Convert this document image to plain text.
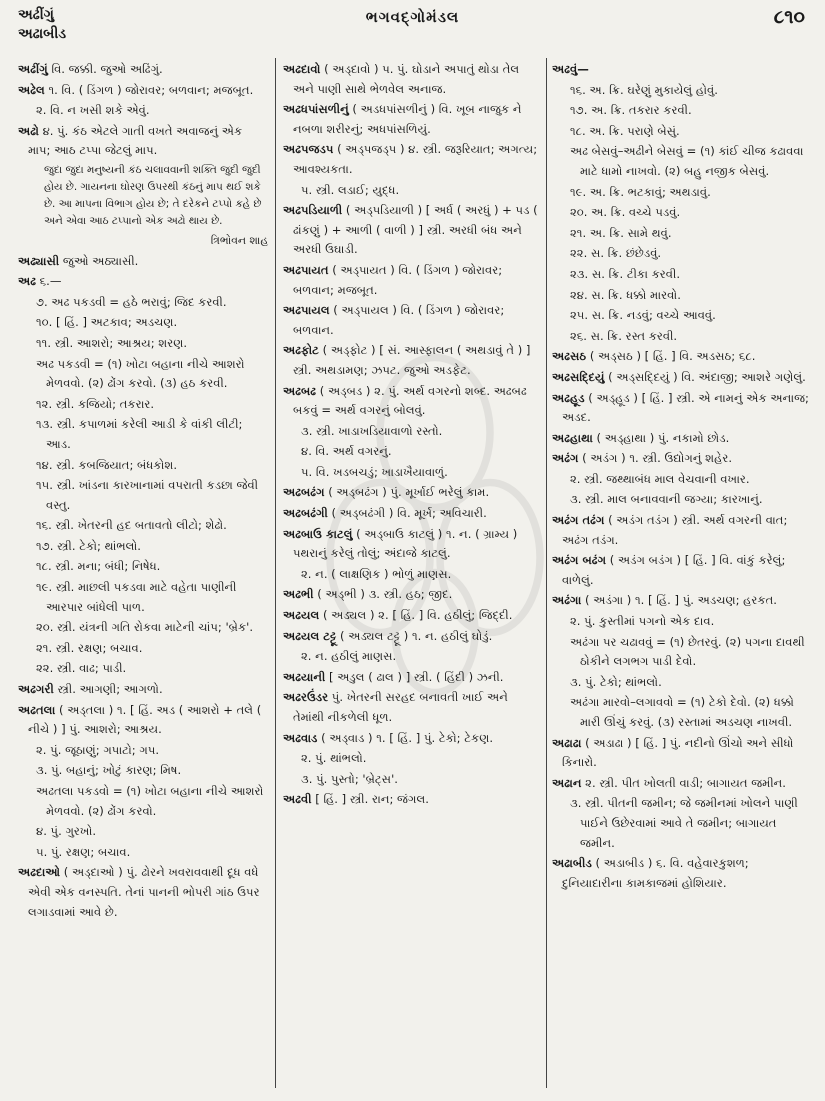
અઢીંગું
અઢાબીડ
ભગવદ્ગોમંડલ	૮૧૦
અઢીંગું વિ. જક્કી. જુઓ અઢિંગું.
અઢેલ ૧. વિ. ( ડિંગળ ) જોરાવર; બળવાન; મજબૂત.
૨. વિ. ન ખસી શકે એવું.
અઢો ૪. પું. કંઠ એટલે ગાતી વખતે અવાજનું એક માપ; આઠ ટપ્પા જેટલું માપ.
જુદા જુદા મનુષ્યની કંઠ ચલાવવાની શક્તિ જુદી જુદી હોય છે. ગાયનના ઘોરણ ઉપરથી કંઠનું માપ થઈ શકે છે. આ માપના વિભાગ હોય છે; તે દરેકને ટપ્પો કહે છે અને એવા આઠ ટપ્પાનો એક અઢો થાય છે.
ત્રિભોવન શાહ
અઢ્યાસી જુઓ અઠ્યાસી.
અઢ ૬.—
૭. અઢ પકડવી = હઠે ભરાવું; જિદ કરવી.
૧૦. [ હિં. ] અટકાવ; અડચણ.
૧૧. સ્ત્રી. આશરો; આશ્રય; શરણ.
અઢ પકડવી = (૧) ખોટા બહાના નીચે આશરો મેળવવો. (૨) ઢોંગ કરવો. (૩) હઠ કરવી.
૧૨. સ્ત્રી. કજિયો; તકરાર.
૧૩. સ્ત્રી. કપાળમાં કરેલી આડી કે વાંકી લીટી; આડ.
૧૪. સ્ત્રી. કબજિયાત; બંધકોશ.
૧૫. સ્ત્રી. ખાંડના કારખાનામાં વપરાતી કડછા જેવી વસ્તુ.
૧૬. સ્ત્રી. ખેતરની હદ બતાવતો લીટો; શેઢો.
૧૭. સ્ત્રી. ટેકો; થાંભલો.
૧૮. સ્ત્રી. મના; બંધી; નિષેધ.
૧૯. સ્ત્રી. માછલી પકડવા માટે વહેતા પાણીની આરપાર બાંધેલી પાળ.
૨૦. સ્ત્રી. યંત્રની ગતિ રોકવા માટેની ચાંપ; 'બ્રેક'.
૨૧. સ્ત્રી. રક્ષણ; બચાવ.
૨૨. સ્ત્રી. વાઢ; પાડી.
અઢગરી સ્ત્રી. આગણી; આગળો.
અઢતલા ( અડ્તલા ) ૧. [ હિં. અડ ( આશરો + તલે ( નીચે ) ] પું. આશરો; આશ્રય.
૨. પું. જૂઠાણું; ગપાટો; ગપ.
૩. પું. બહાનું; ખોટું કારણ; મિષ.
અઢતલા પકડવો = (૧) ખોટા બહાના નીચે આશરો મેળવવો. (૨) ઢોંગ કરવો.
૪. પું. ગુરખો.
૫. પું. રક્ષણ; બચાવ.
અઢદાઓ ( અડ્દાઓ ) પું. ઢોરને ખવરાવવાથી દૂધ વધે એવી એક વનસ્પતિ. તેનાં પાનની ભોપરી ગાંઠ ઉપર લગાડવામાં આવે છે.
અઢદાવો ( અડ્દાવો ) પ. પું. ઘોડાને અપાતું થોડા તેલ અને પાણી સાથે ભેળવેલ અનાજ.
અઢધપાંસળીનું ( અડધપાંસળીનું ) વિ. ખૂબ નાજુક ને નબળા શરીરનું; અધપાંસળિયું.
અઢપજડપ ( અડ્પજડ્પ ) ૪. સ્ત્રી. જરૂરિયાત; અગત્ય; આવશ્યકતા.
પ. સ્ત્રી. લડાઈ; યુદ્ધ.
અઢપડિયાળી ( અડ્પડિયાળી ) [ અર્ધ ( અરધું ) + પડ ( ઢાંકણું ) + આળી ( વાળી ) ] સ્ત્રી. અરધી બંધ અને અરધી ઉઘાડી.
અઢપાયત ( અડ્પાયત ) વિ. ( ડિંગળ ) જોરાવર; બળવાન; મજબૂત.
અઢપાયલ ( અડ્પાયલ ) વિ. ( ડિંગળ ) જોરાવર; બળવાન.
અઢફોટ ( અડ્ફોટ ) [ સં. આસ્ફાલન ( અથડાવું તે ) ] સ્ત્રી. અથડામણ; ઝપટ. જુઓ અડફેટ.
અઢબઢ ( અડ્બડ ) ૨. પું. અર્થ વગરનો શબ્દ. અઢબઢ બકવું = અર્થ વગરનું બોલવું.
૩. સ્ત્રી. ખાડાખડિયાવાળો રસ્તો.
૪. વિ. અર્થ વગરનું.
પ. વિ. ખડબચડું; ખાડાખૈયાવાળું.
અઢબઢંગ ( અડ્બઢંગ ) પું. મૂર્ખાઈ ભરેલું કામ.
અઢબઢંગી ( અડ્બઢંગી ) વિ. મૂર્ખ; અવિચારી.
અઢબાઉ કાટલું ( અડ્બાઉ કાટલું ) ૧. ન. ( ગ્રામ્ય ) પથરાનું કરેલું તોલું; અંદાજે કાટલું.
૨. ન. ( લાક્ષણિક ) ભોળું માણસ.
અઢભી ( અડ્ભી ) ૩. સ્ત્રી. હઠ; જીદ.
અઢયલ ( અડ્યલ ) ૨. [ હિં. ] વિ. હઠીલું; જિદ્દી.
અઢયલ ટટ્ટૂ ( અડ્યલ ટટ્ટૂ ) ૧. ન. હઠીલું ઘોડું.
૨. ન. હઠીલું માણસ.
અઢયાની [ અડુલ ( ઢાલ ) ] સ્ત્રી. ( હિંદી ) ઝની.
અઢરઉંડર પું. ખેતરની સરહદ બનાવતી ખાઈ અને તેમાંથી નીકળેલી ધૂળ.
અઢવાડ ( અડ્વાડ ) ૧. [ હિં. ] પું. ટેકો; ટેકણ.
૨. પું. થાંભલો.
૩. પું. પુસ્તો; 'બ્રેટ્સ'.
અઢવી [ હિં. ] સ્ત્રી. રાન; જંગલ.
અઢવું—
૧૬. અ. ક્રિ. ઘરેણું મુકાયેલું હોવું.
૧૭. અ. ક્રિ. તકરાર કરવી.
૧૮. અ. ક્રિ. પરાણે બેસું.
અઢ બેસવું–અઢીને બેસવું = (૧) કાંઈ ચીજ કઢાવવા માટે ધામો નાખવો. (૨) બહુ નજીક બેસવું.
૧૯. અ. ક્રિ. ભટકાવું; અથડાવું.
૨૦. અ. ક્રિ. વચ્ચે પડવું.
૨૧. અ. ક્રિ. સામે થવું.
૨૨. સ. ક્રિ. છંછેડવું.
૨૩. સ. ક્રિ. ટીકા કરવી.
૨૪. સ. ક્રિ. ધક્કો મારવો.
૨૫. સ. ક્રિ. નડવું; વચ્ચે આવવું.
૨૬. સ. ક્રિ. રસ્ત કરવી.
અઢસઠ ( અડ્સઠ ) [ હિં. ] વિ. અડસઠ; ૬૮.
અઢસદ્દિયું ( અડ્સદ્દિયું ) વિ. અંદાજી; આશરે ગણેલું.
અઢહૂડ ( અડ્હૂડ ) [ હિં. ] સ્ત્રી. એ નામનું એક અનાજ; અડદ.
અઢહાથા ( અડ્હાથા ) પું. નકામો છોડ.
અઢંગ ( અડંગ ) ૧. સ્ત્રી. ઉદ્યોગનું શહેર.
૨. સ્ત્રી. જથ્થાબંધ માલ વેચવાની વખાર.
૩. સ્ત્રી. માલ બનાવવાની જગ્યા; કારખાનું.
અઢંગ તઢંગ ( અડંગ તડંગ ) સ્ત્રી. અર્થ વગરની વાત; અઢંગ તડંગ.
અઢંગ બઢંગ ( અડંગ બડંગ ) [ હિં. ] વિ. વાંકું કરેલું; વાળેલું.
અઢંગા ( અડંગા ) ૧. [ હિં. ] પું. અડચણ; હરકત.
૨. પું. કુસ્તીમાં પગનો એક દાવ.
અઢંગા પર ચઢાવવું = (૧) છેતરવું. (૨) પગના દાવથી ઠોકીને લગભગ પાડી દેવો.
૩. પું. ટેકો; થાંભલો.
અઢંગા મારવો–લગાવવો = (૧) ટેકો દેવો. (૨) ધક્કો મારી ઊંચું કરવું. (૩) રસ્તામાં અડચણ નાખવી.
અઢાઢા ( અડાઢા ) [ હિં. ] પું. નદીનો ઊંચો અને સીધો કિનારો.
અઢાન ૨. સ્ત્રી. પીત ખોલતી વાડી; બાગાયત જમીન.
૩. સ્ત્રી. પીતની જમીન; જે જમીનમાં ખોલને પાણી પાઈને ઉછેરવામાં આવે તે જમીન; બાગાયત જમીન.
અઢાબીડ ( અડાબીડ ) ૬. વિ. વહેવારકુશળ; દુનિયાદારીના કામકાજમાં હોશિયાર.
